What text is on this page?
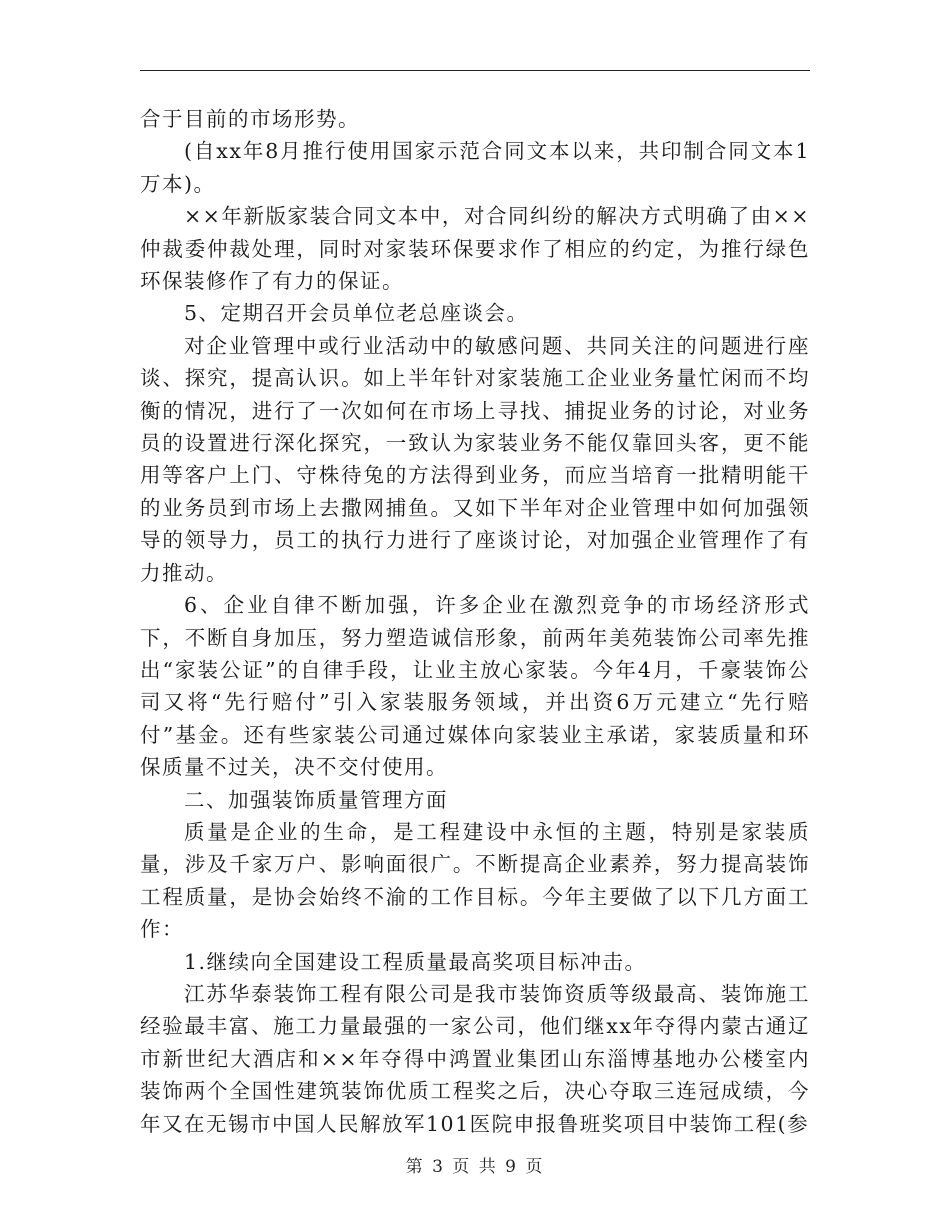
合于目前的市场形势。

(自xx年8月推行使用国家示范合同文本以来，共印制合同文本1万本)。

××年新版家装合同文本中，对合同纠纷的解决方式明确了由××仲裁委仲裁处理，同时对家装环保要求作了相应的约定，为推行绿色环保装修作了有力的保证。

5、定期召开会员单位老总座谈会。

对企业管理中或行业活动中的敏感问题、共同关注的问题进行座谈、探究，提高认识。如上半年针对家装施工企业业务量忙闲而不均衡的情况，进行了一次如何在市场上寻找、捕捉业务的讨论，对业务员的设置进行深化探究，一致认为家装业务不能仅靠回头客，更不能用等客户上门、守株待兔的方法得到业务，而应当培育一批精明能干的业务员到市场上去撒网捕鱼。又如下半年对企业管理中如何加强领导的领导力，员工的执行力进行了座谈讨论，对加强企业管理作了有力推动。

6、企业自律不断加强，许多企业在激烈竞争的市场经济形式下，不断自身加压，努力塑造诚信形象，前两年美苑装饰公司率先推出“家装公证”的自律手段，让业主放心家装。今年4月，千豪装饰公司又将“先行赔付”引入家装服务领域，并出资6万元建立“先行赔付”基金。还有些家装公司通过媒体向家装业主承诺，家装质量和环保质量不过关，决不交付使用。

二、加强装饰质量管理方面

质量是企业的生命，是工程建设中永恒的主题，特别是家装质量，涉及千家万户、影响面很广。不断提高企业素养，努力提高装饰工程质量，是协会始终不渝的工作目标。今年主要做了以下几方面工作：

1.继续向全国建设工程质量最高奖项目标冲击。

江苏华泰装饰工程有限公司是我市装饰资质等级最高、装饰施工经验最丰富、施工力量最强的一家公司，他们继xx年夺得内蒙古通辽市新世纪大酒店和××年夺得中鸿置业集团山东淄博基地办公楼室内装饰两个全国性建筑装饰优质工程奖之后，决心夺取三连冠成绩，今年又在无锡市中国人民解放军101医院申报鲁班奖项目中装饰工程(参

第 3 页 共 9 页
